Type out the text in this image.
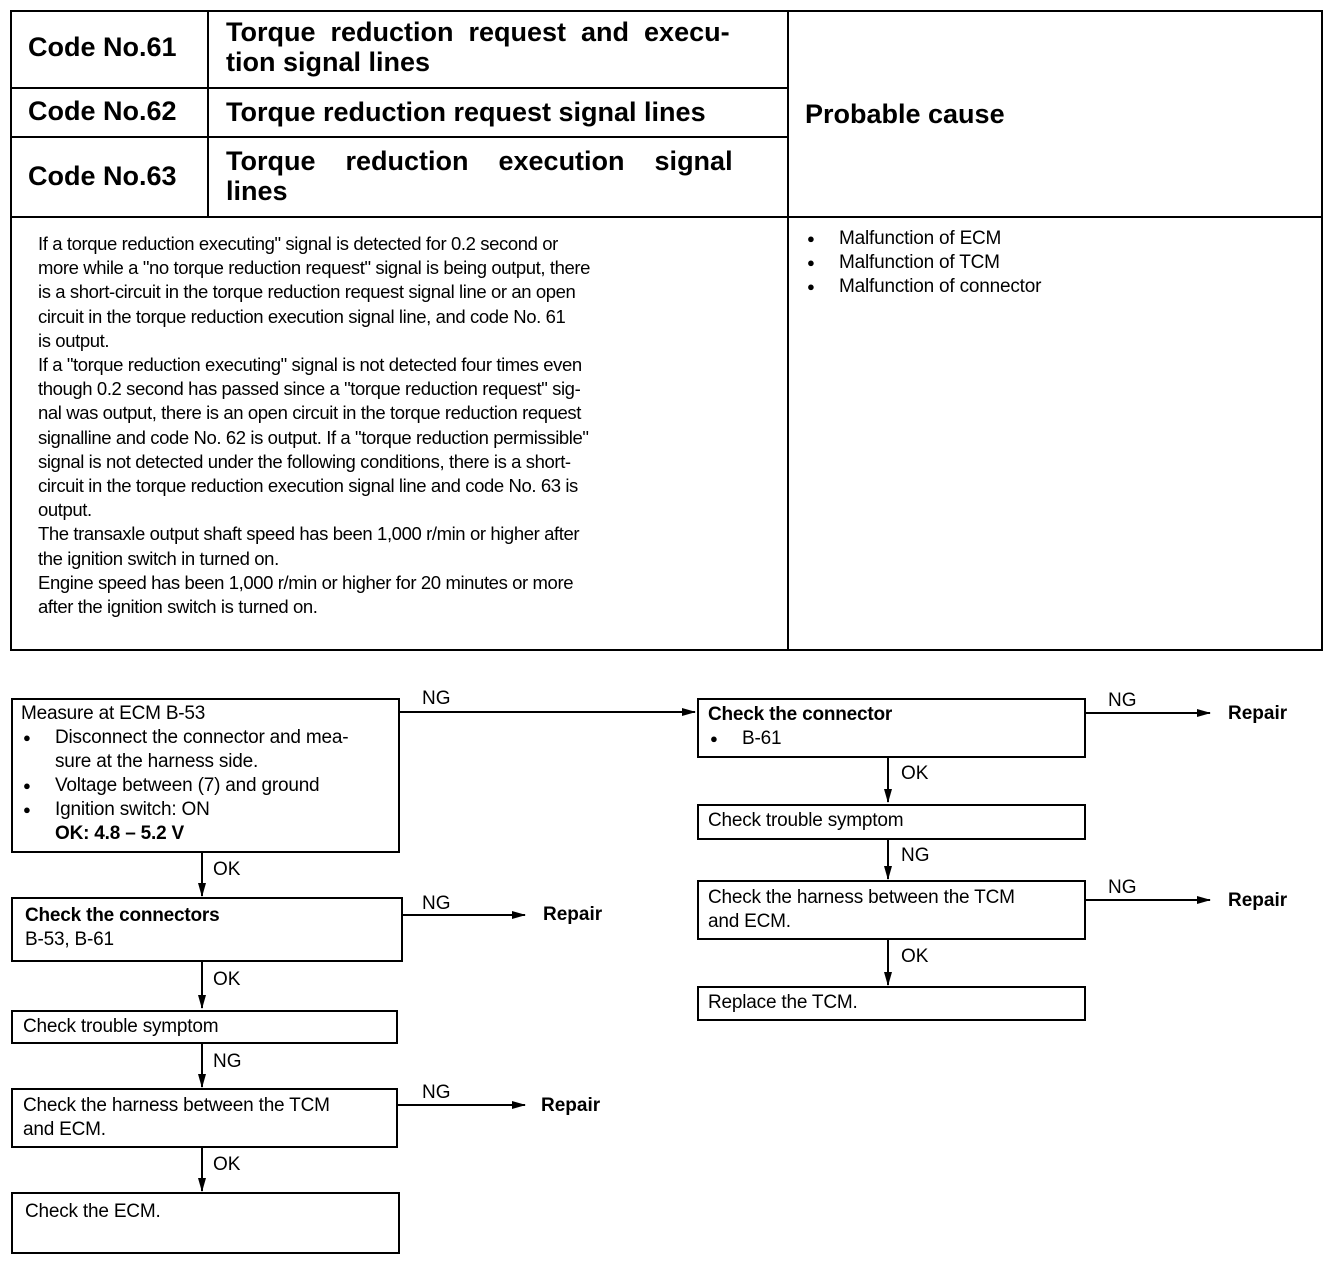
Code No.61 Torque  reduction  request  and  execu-
tion signal lines
Code No.62 Torque reduction request signal lines
Code No.63 Torque    reduction    execution    signal
lines
Probable cause
If a torque reduction executing" signal is detected for 0.2 second or
more while a "no torque reduction request" signal is being output, there
is a short-circuit in the torque reduction request signal line or an open
circuit in the torque reduction execution signal line, and code No. 61
is output.
If a "torque reduction executing" signal is not detected four times even
though 0.2 second has passed since a "torque reduction request" sig-
nal was output, there is an open circuit in the torque reduction request
signalline and code No. 62 is output. If a "torque reduction permissible"
signal is not detected under the following conditions, there is a short-
circuit in the torque reduction execution signal line and code No. 63 is
output.
The transaxle output shaft speed has been 1,000 r/min or higher after
the ignition switch in turned on.
Engine speed has been 1,000 r/min or higher for 20 minutes or more
after the ignition switch is turned on.
● Malfunction of ECM
● Malfunction of TCM
● Malfunction of connector
Measure at ECM B-53
● Disconnect the connector and mea-
sure at the harness side.
● Voltage between (7) and ground
● Ignition switch: ON
OK: 4.8 – 5.2 V
Check the connectors
B-53, B-61
Check trouble symptom
Check the harness between the TCM
and ECM.
Check the ECM.
Check the connector
● B-61
Check trouble symptom
Check the harness between the TCM
and ECM.
Replace the TCM.
OK
OK
NG
OK
NG
NG
NG
OK
NG
OK
NG
NG
Repair
Repair
Repair
Repair
